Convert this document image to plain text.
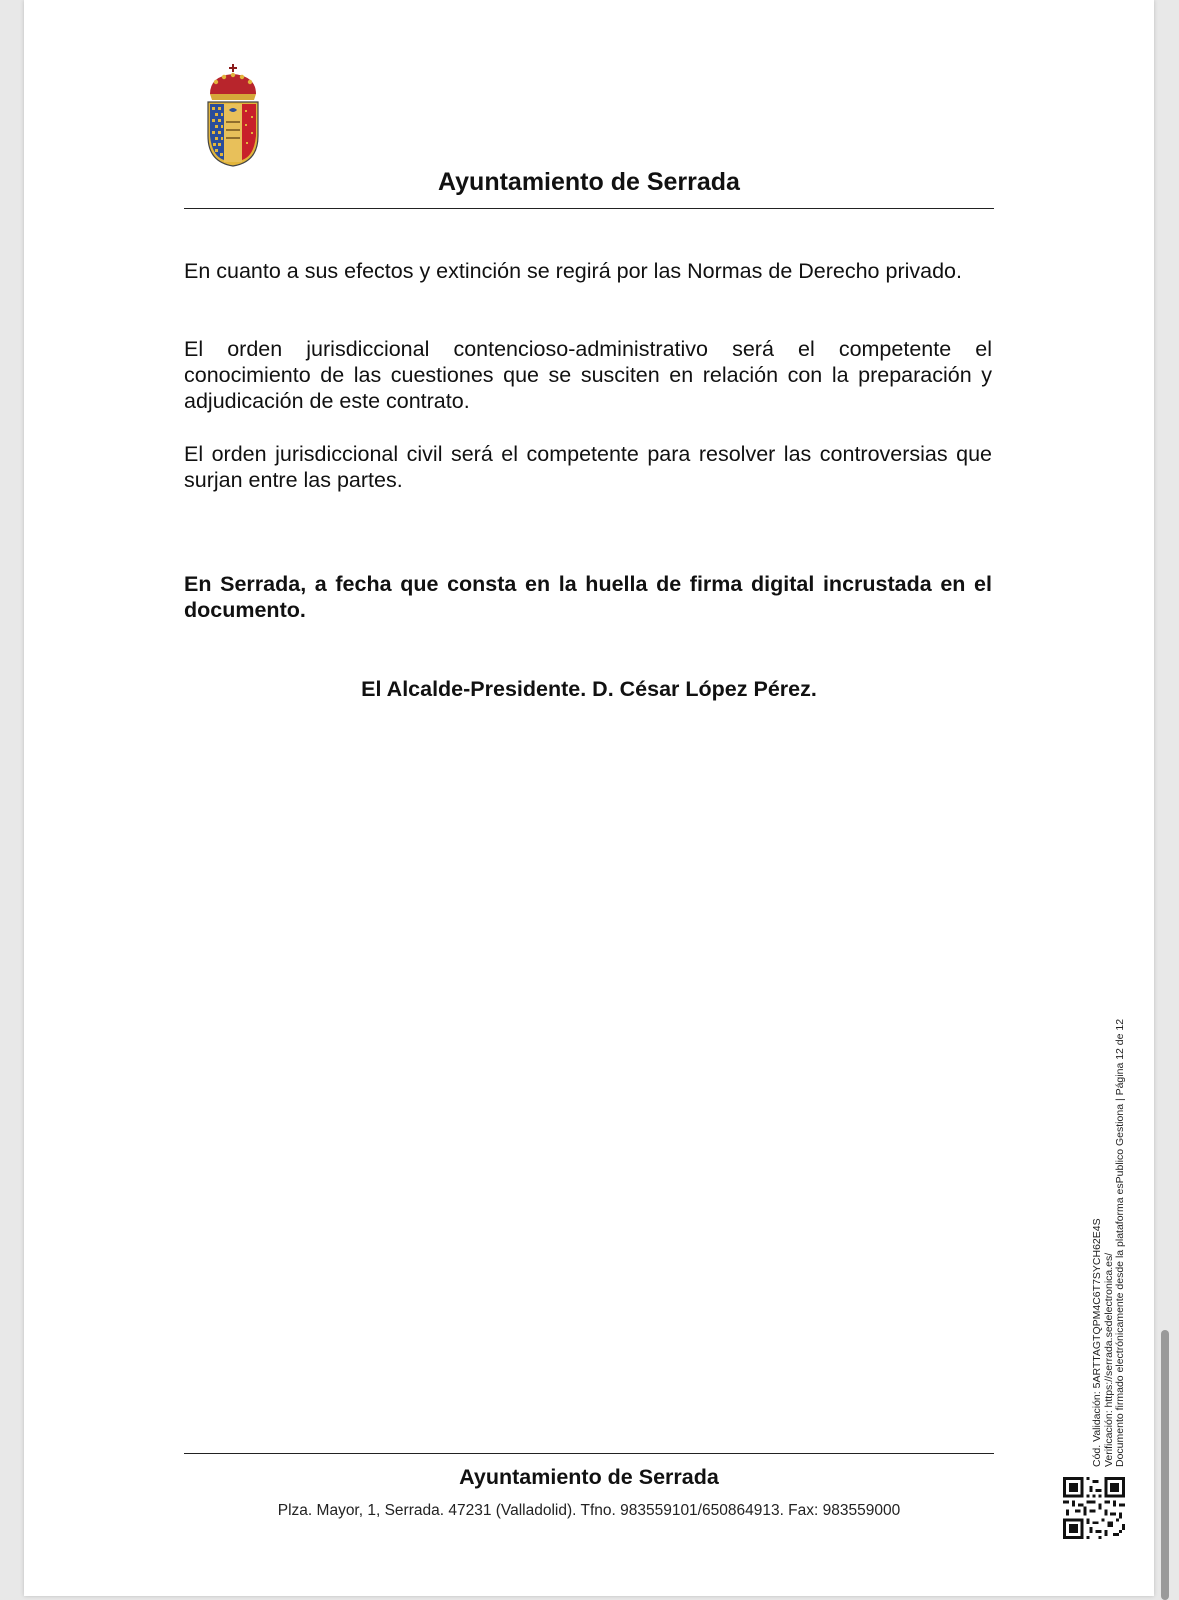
Ayuntamiento de Serrada

En cuanto a sus efectos y extinción se regirá por las Normas de Derecho privado.

El orden jurisdiccional contencioso-administrativo será el competente el conocimiento de las cuestiones que se susciten en relación con la preparación y adjudicación de este contrato.

El orden jurisdiccional civil será el competente para resolver las controversias que surjan entre las partes.

En Serrada, a fecha que consta en la huella de firma digital incrustada en el documento.

El Alcalde-Presidente. D. César López Pérez.
Ayuntamiento de Serrada
Plza. Mayor, 1, Serrada. 47231 (Valladolid). Tfno. 983559101/650864913. Fax: 983559000
Cód. Validación: 5ARTTAGTQPM4C6T7SYCH62E4S Verificación: https://serrada.sedelectronica.es/ Documento firmado electrónicamente desde la plataforma esPublico Gestiona | Página 12 de 12
